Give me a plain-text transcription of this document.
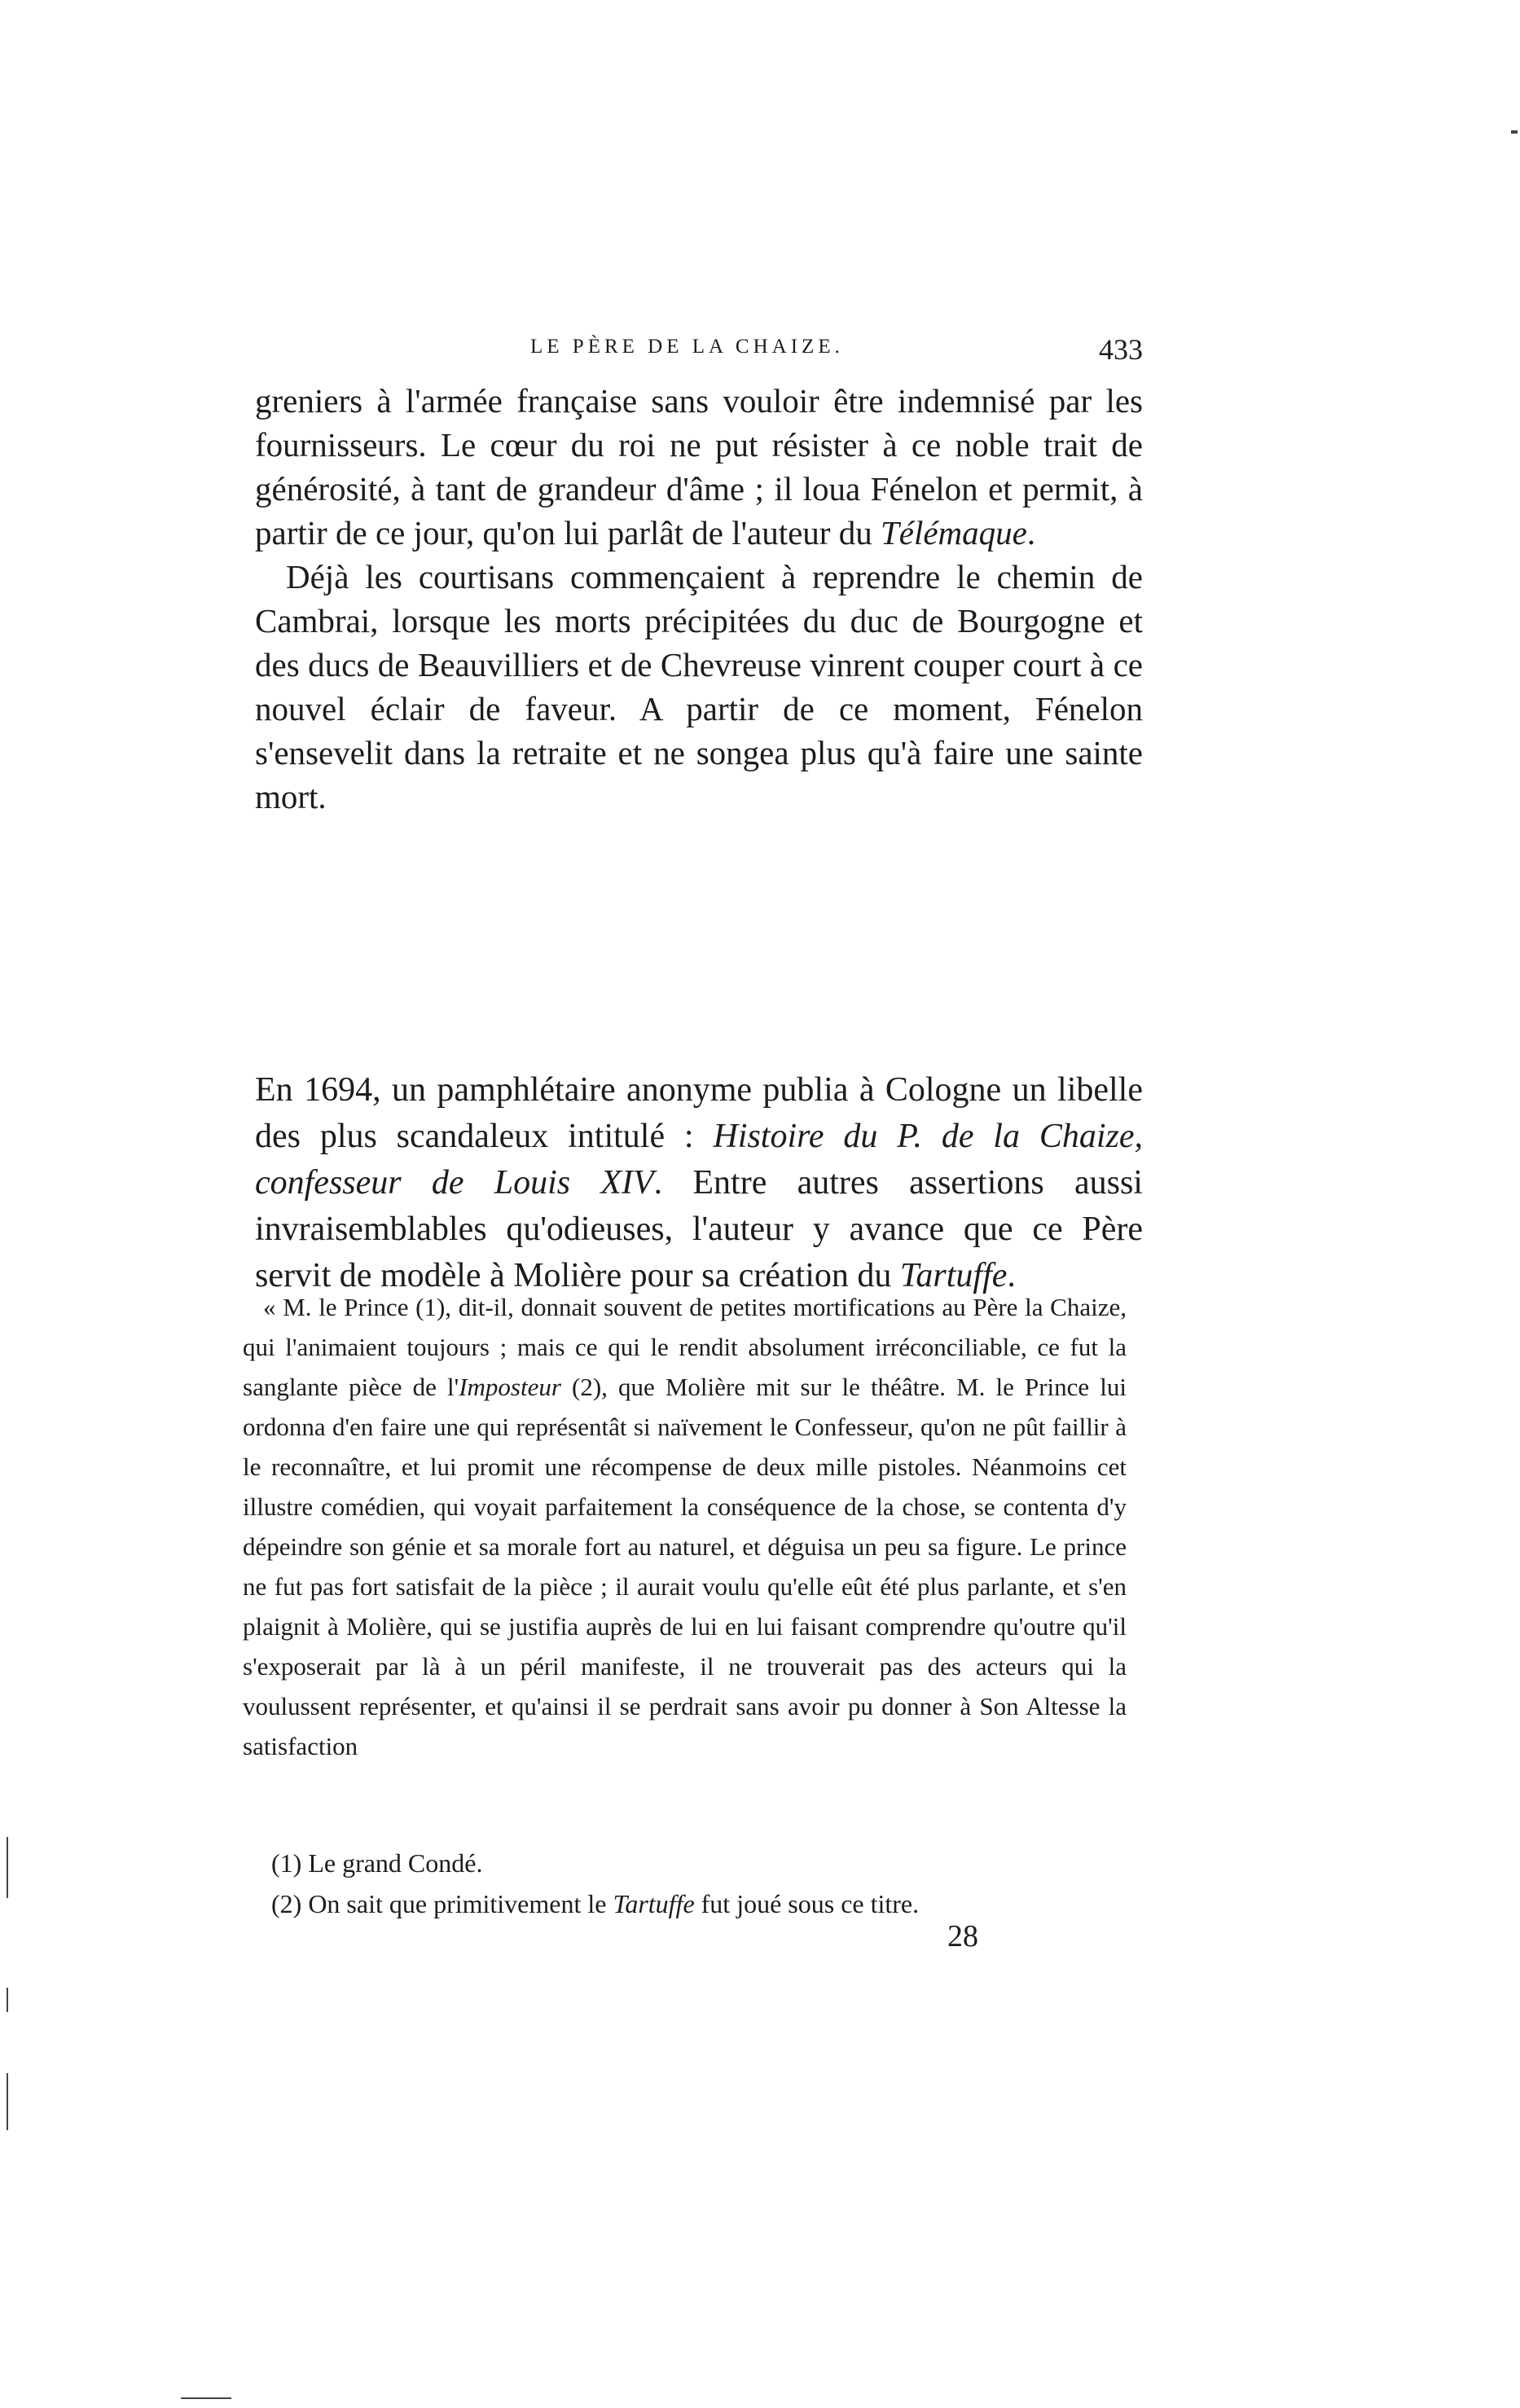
LE PÈRE DE LA CHAIZE.	433

greniers à l'armée française sans vouloir être indemnisé par les fournisseurs. Le cœur du roi ne put résister à ce noble trait de générosité, à tant de grandeur d'âme ; il loua Fénelon et permit, à partir de ce jour, qu'on lui parlât de l'auteur du Télémaque.

Déjà les courtisans commençaient à reprendre le chemin de Cambrai, lorsque les morts précipitées du duc de Bourgogne et des ducs de Beauvilliers et de Chevreuse vinrent couper court à ce nouvel éclair de faveur. A partir de ce moment, Fénelon s'ensevelit dans la retraite et ne songea plus qu'à faire une sainte mort.

En 1694, un pamphlétaire anonyme publia à Cologne un libelle des plus scandaleux intitulé : Histoire du P. de la Chaize, confesseur de Louis XIV. Entre autres assertions aussi invraisemblables qu'odieuses, l'auteur y avance que ce Père servit de modèle à Molière pour sa création du Tartuffe.

« M. le Prince (1), dit-il, donnait souvent de petites mortifications au Père la Chaize, qui l'animaient toujours ; mais ce qui le rendit absolument irréconciliable, ce fut la sanglante pièce de l'Imposteur (2), que Molière mit sur le théâtre. M. le Prince lui ordonna d'en faire une qui représentât si naïvement le Confesseur, qu'on ne pût faillir à le reconnaître, et lui promit une récompense de deux mille pistoles. Néanmoins cet illustre comédien, qui voyait parfaitement la conséquence de la chose, se contenta d'y dépeindre son génie et sa morale fort au naturel, et déguisa un peu sa figure. Le prince ne fut pas fort satisfait de la pièce ; il aurait voulu qu'elle eût été plus parlante, et s'en plaignit à Molière, qui se justifia auprès de lui en lui faisant comprendre qu'outre qu'il s'exposerait par là à un péril manifeste, il ne trouverait pas des acteurs qui la voulussent représenter, et qu'ainsi il se perdrait sans avoir pu donner à Son Altesse la satisfaction

(1) Le grand Condé.
(2) On sait que primitivement le Tartuffe fut joué sous ce titre.
28
